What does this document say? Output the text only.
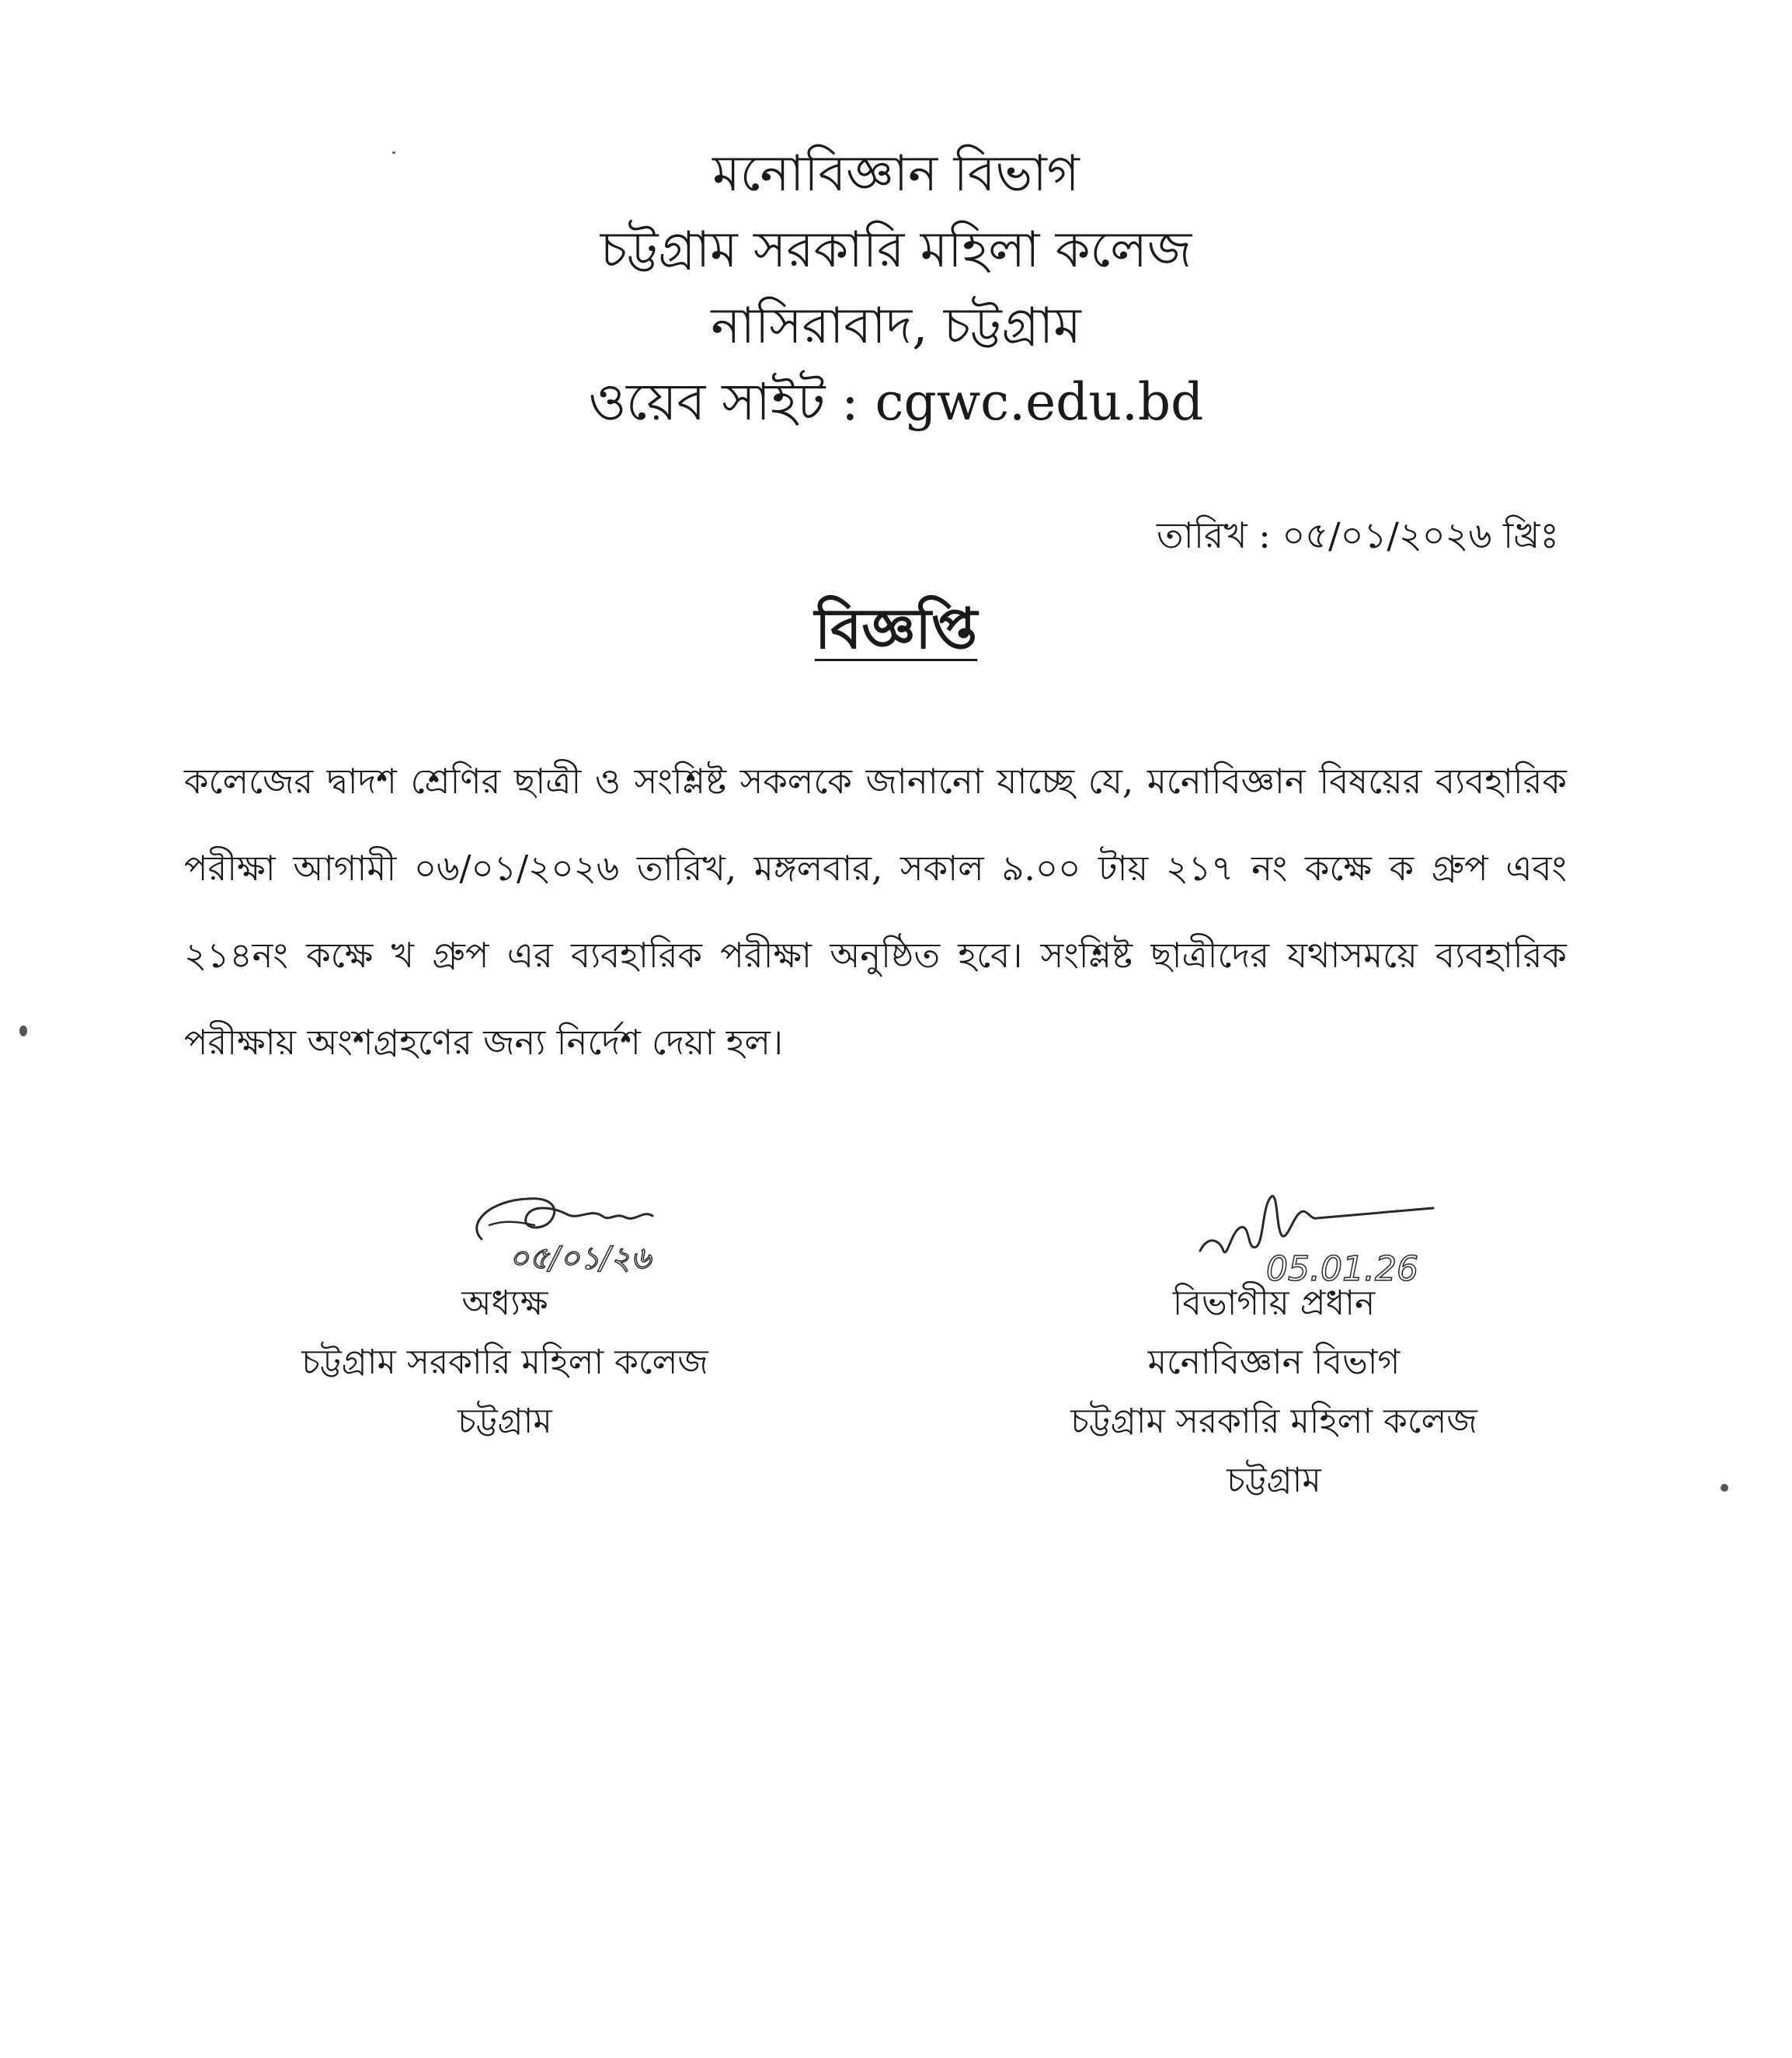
মনোবিজ্ঞান বিভাগ
চট্টগ্রাম সরকারি মহিলা কলেজ
নাসিরাবাদ, চট্টগ্রাম
ওয়েব সাইট : cgwc.edu.bd
তারিখ : ০৫/০১/২০২৬ খ্রিঃ
বিজ্ঞপ্তি
কলেজের দ্বাদশ শ্রেণির ছাত্রী ও সংশ্লিষ্ট সকলকে জানানো যাচ্ছে যে, মনোবিজ্ঞান বিষয়ের ব্যবহারিক পরীক্ষা আগামী ০৬/০১/২০২৬ তারিখ, মঙ্গলবার, সকাল ৯.০০ টায় ২১৭ নং কক্ষে ক গ্রুপ এবং ২১৪নং কক্ষে খ গ্রুপ এর ব্যবহারিক পরীক্ষা অনুষ্ঠিত হবে। সংশ্লিষ্ট ছাত্রীদের যথাসময়ে ব্যবহারিক পরীক্ষায় অংশগ্রহণের জন্য নির্দেশ দেয়া হল।
০৫/০১/২৬	05.01.26
অধ্যক্ষ
চট্টগ্রাম সরকারি মহিলা কলেজ
চট্টগ্রাম
বিভাগীয় প্রধান
মনোবিজ্ঞান বিভাগ
চট্টগ্রাম সরকারি মহিলা কলেজ
চট্টগ্রাম
